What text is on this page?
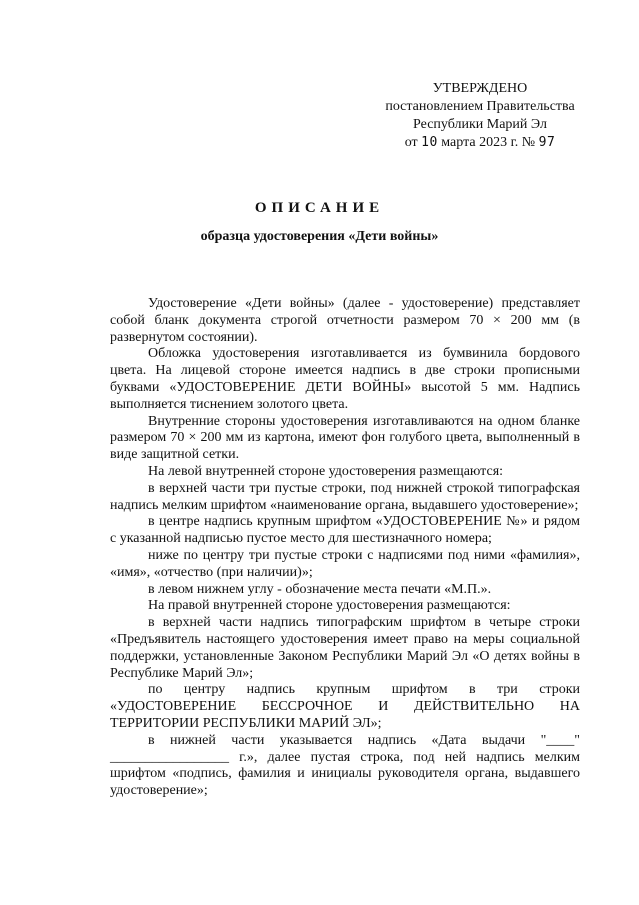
УТВЕРЖДЕНО
постановлением Правительства
Республики Марий Эл
от 10 марта 2023 г. № 97
ОПИСАНИЕ
образца удостоверения «Дети войны»

Удостоверение «Дети войны» (далее - удостоверение) представляет собой бланк документа строгой отчетности размером 70 × 200 мм (в развернутом состоянии).

Обложка удостоверения изготавливается из бумвинила бордового цвета. На лицевой стороне имеется надпись в две строки прописными буквами «УДОСТОВЕРЕНИЕ ДЕТИ ВОЙНЫ» высотой 5 мм. Надпись выполняется тиснением золотого цвета.

Внутренние стороны удостоверения изготавливаются на одном бланке размером 70 × 200 мм из картона, имеют фон голубого цвета, выполненный в виде защитной сетки.

На левой внутренней стороне удостоверения размещаются:

в верхней части три пустые строки, под нижней строкой типографская надпись мелким шрифтом «наименование органа, выдавшего удостоверение»;

в центре надпись крупным шрифтом «УДОСТОВЕРЕНИЕ №» и рядом с указанной надписью пустое место для шестизначного номера;

ниже по центру три пустые строки с надписями под ними «фамилия», «имя», «отчество (при наличии)»;

в левом нижнем углу - обозначение места печати «М.П.».

На правой внутренней стороне удостоверения размещаются:

в верхней части надпись типографским шрифтом в четыре строки «Предъявитель настоящего удостоверения имеет право на меры социальной поддержки, установленные Законом Республики Марий Эл «О детях войны в Республике Марий Эл»;

по центру надпись крупным шрифтом в три строки «УДОСТОВЕРЕНИЕ БЕССРОЧНОЕ И ДЕЙСТВИТЕЛЬНО НА ТЕРРИТОРИИ РЕСПУБЛИКИ МАРИЙ ЭЛ»;

в нижней части указывается надпись «Дата выдачи "____" _________________ г.», далее пустая строка, под ней надпись мелким шрифтом «подпись, фамилия и инициалы руководителя органа, выдавшего удостоверение»;
